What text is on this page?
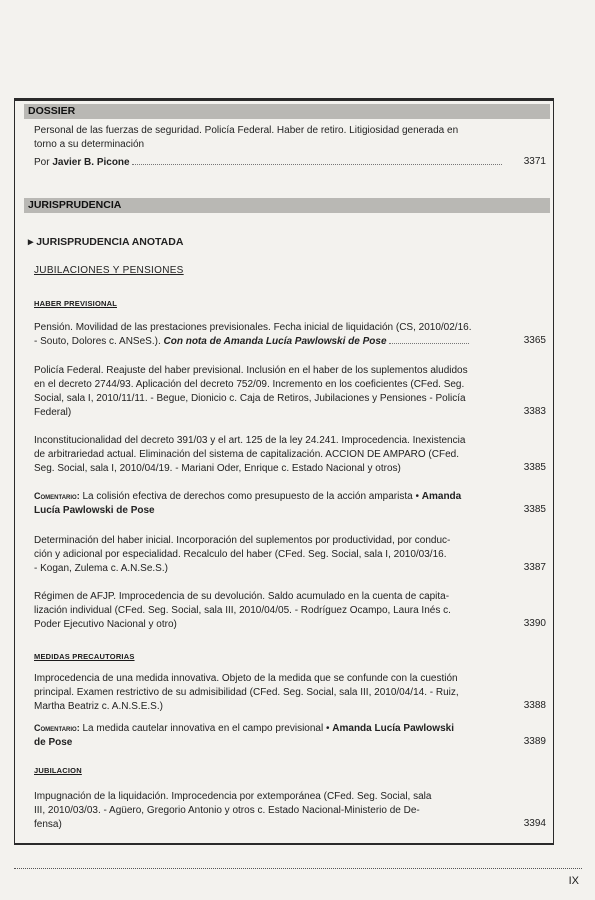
DOSSIER
Personal de las fuerzas de seguridad. Policía Federal. Haber de retiro. Litigiosidad generada en
torno a su determinación
Por Javier B. Picone	3371
JURISPRUDENCIA
▸ JURISPRUDENCIA ANOTADA
JUBILACIONES Y PENSIONES
HABER PREVISIONAL
Pensión. Movilidad de las prestaciones previsionales. Fecha inicial de liquidación (CS, 2010/02/16.
- Souto, Dolores c. ANSeS.). Con nota de Amanda Lucía Pawlowski de Pose	3365
Policía Federal. Reajuste del haber previsional. Inclusión en el haber de los suplementos aludidos
en el decreto 2744/93. Aplicación del decreto 752/09. Incremento en los coeficientes (CFed. Seg.
Social, sala I, 2010/11/11. - Begue, Dionicio c. Caja de Retiros, Jubilaciones y Pensiones - Policía
Federal)	3383
Inconstitucionalidad del decreto 391/03 y el art. 125 de la ley 24.241. Improcedencia. Inexistencia
de arbitrariedad actual. Eliminación del sistema de capitalización. ACCION DE AMPARO (CFed.
Seg. Social, sala I, 2010/04/19. - Mariani Oder, Enrique c. Estado Nacional y otros)	3385
Comentario: La colisión efectiva de derechos como presupuesto de la acción amparista • Amanda
Lucía Pawlowski de Pose	3385
Determinación del haber inicial. Incorporación del suplementos por productividad, por conduc-
ción y adicional por especialidad. Recalculo del haber (CFed. Seg. Social, sala I, 2010/03/16.
- Kogan, Zulema c. A.N.Se.S.)	3387
Régimen de AFJP. Improcedencia de su devolución. Saldo acumulado en la cuenta de capita-
lización individual (CFed. Seg. Social, sala III, 2010/04/05. - Rodríguez Ocampo, Laura Inés c.
Poder Ejecutivo Nacional y otro)	3390
MEDIDAS PRECAUTORIAS
Improcedencia de una medida innovativa. Objeto de la medida que se confunde con la cuestión
principal. Examen restrictivo de su admisibilidad (CFed. Seg. Social, sala III, 2010/04/14. - Ruiz,
Martha Beatriz c. A.N.S.E.S.)	3388
Comentario: La medida cautelar innovativa en el campo previsional • Amanda Lucía Pawlowski
de Pose	3389
JUBILACION
Impugnación de la liquidación. Improcedencia por extemporánea (CFed. Seg. Social, sala
III, 2010/03/03. - Agüero, Gregorio Antonio y otros c. Estado Nacional-Ministerio de De-
fensa)	3394
IX
